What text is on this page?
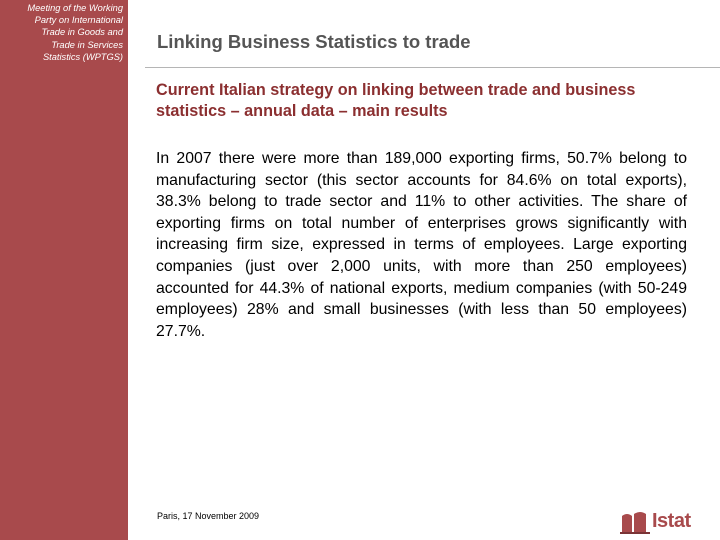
Meeting of the Working
Party on International
Trade in Goods and
Trade in Services
Statistics (WPTGS)
Linking Business Statistics to trade
Current Italian strategy on linking between trade and business statistics – annual data – main results

In 2007 there were more than 189,000 exporting firms, 50.7% belong to manufacturing sector (this sector accounts for 84.6% on total exports), 38.3% belong to trade sector and 11% to other activities. The share of exporting firms on total number of enterprises grows significantly with increasing firm size, expressed in terms of employees. Large exporting companies (just over 2,000 units, with more than 250 employees) accounted for 44.3% of national exports, medium companies (with 50-249 employees) 28% and small businesses (with less than 50 employees) 27.7%.

Paris, 17 November 2009	Istat
